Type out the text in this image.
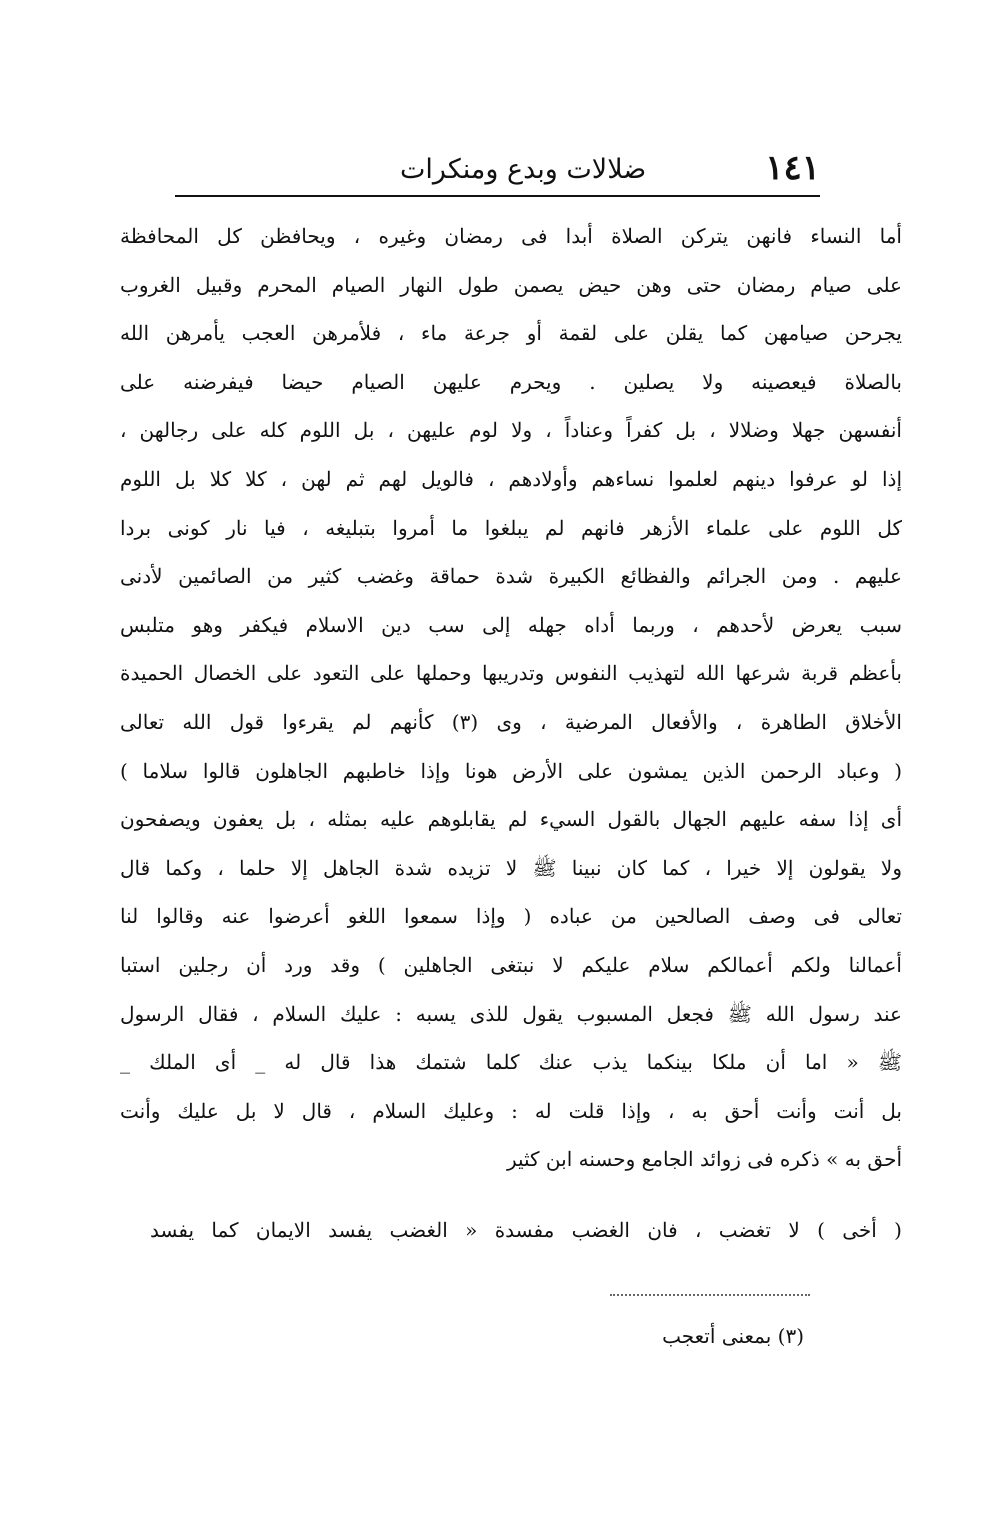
١٤١
ضلالات وبدع ومنكرات
أما النساء فانهن يتركن الصلاة أبدا فى رمضان وغيره ، ويحافظن كل المحافظة
على صيام رمضان حتى وهن حيض يصمن طول النهار الصيام المحرم وقبيل الغروب
يجرحن صيامهن كما يقلن على لقمة أو جرعة ماء ، فلأمرهن العجب يأمرهن الله
بالصلاة فيعصينه ولا يصلين . ويحرم عليهن الصيام حيضا فيفرضنه على
أنفسهن جهلا وضلالا ، بل كفراً وعناداً ، ولا لوم عليهن ، بل اللوم كله على رجالهن ،
إذا لو عرفوا دينهم لعلموا نساءهم وأولادهم ، فالويل لهم ثم لهن ، كلا كلا بل اللوم
كل اللوم على علماء الأزهر فانهم لم يبلغوا ما أمروا بتبليغه ، فيا نار كونى بردا
عليهم . ومن الجرائم والفظائع الكبيرة شدة حماقة وغضب كثير من الصائمين لأدنى
سبب يعرض لأحدهم ، وربما أداه جهله إلى سب دين الاسلام فيكفر وهو متلبس
بأعظم قربة شرعها الله لتهذيب النفوس وتدريبها وحملها على التعود على الخصال الحميدة
الأخلاق الطاهرة ، والأفعال المرضية ، وى (٣) كأنهم لم يقرءوا قول الله تعالى
( وعباد الرحمن الذين يمشون على الأرض هونا وإذا خاطبهم الجاهلون قالوا سلاما )
أى إذا سفه عليهم الجهال بالقول السيء لم يقابلوهم عليه بمثله ، بل يعفون ويصفحون
ولا يقولون إلا خيرا ، كما كان نبينا ﷺ لا تزيده شدة الجاهل إلا حلما ، وكما قال
تعالى فى وصف الصالحين من عباده ( وإذا سمعوا اللغو أعرضوا عنه وقالوا لنا
أعمالنا ولكم أعمالكم سلام عليكم لا نبتغى الجاهلين ) وقد ورد أن رجلين استبا
عند رسول الله ﷺ فجعل المسبوب يقول للذى يسبه : عليك السلام ، فقال الرسول
ﷺ « اما أن ملكا بينكما يذب عنك كلما شتمك هذا قال له _ أى الملك _
بل أنت وأنت أحق به ، وإذا قلت له : وعليك السلام ، قال لا بل عليك وأنت
أحق به » ذكره فى زوائد الجامع وحسنه ابن كثير
( أخى ) لا تغضب ، فان الغضب مفسدة « الغضب يفسد الايمان كما يفسد
(٣) بمعنى أتعجب
